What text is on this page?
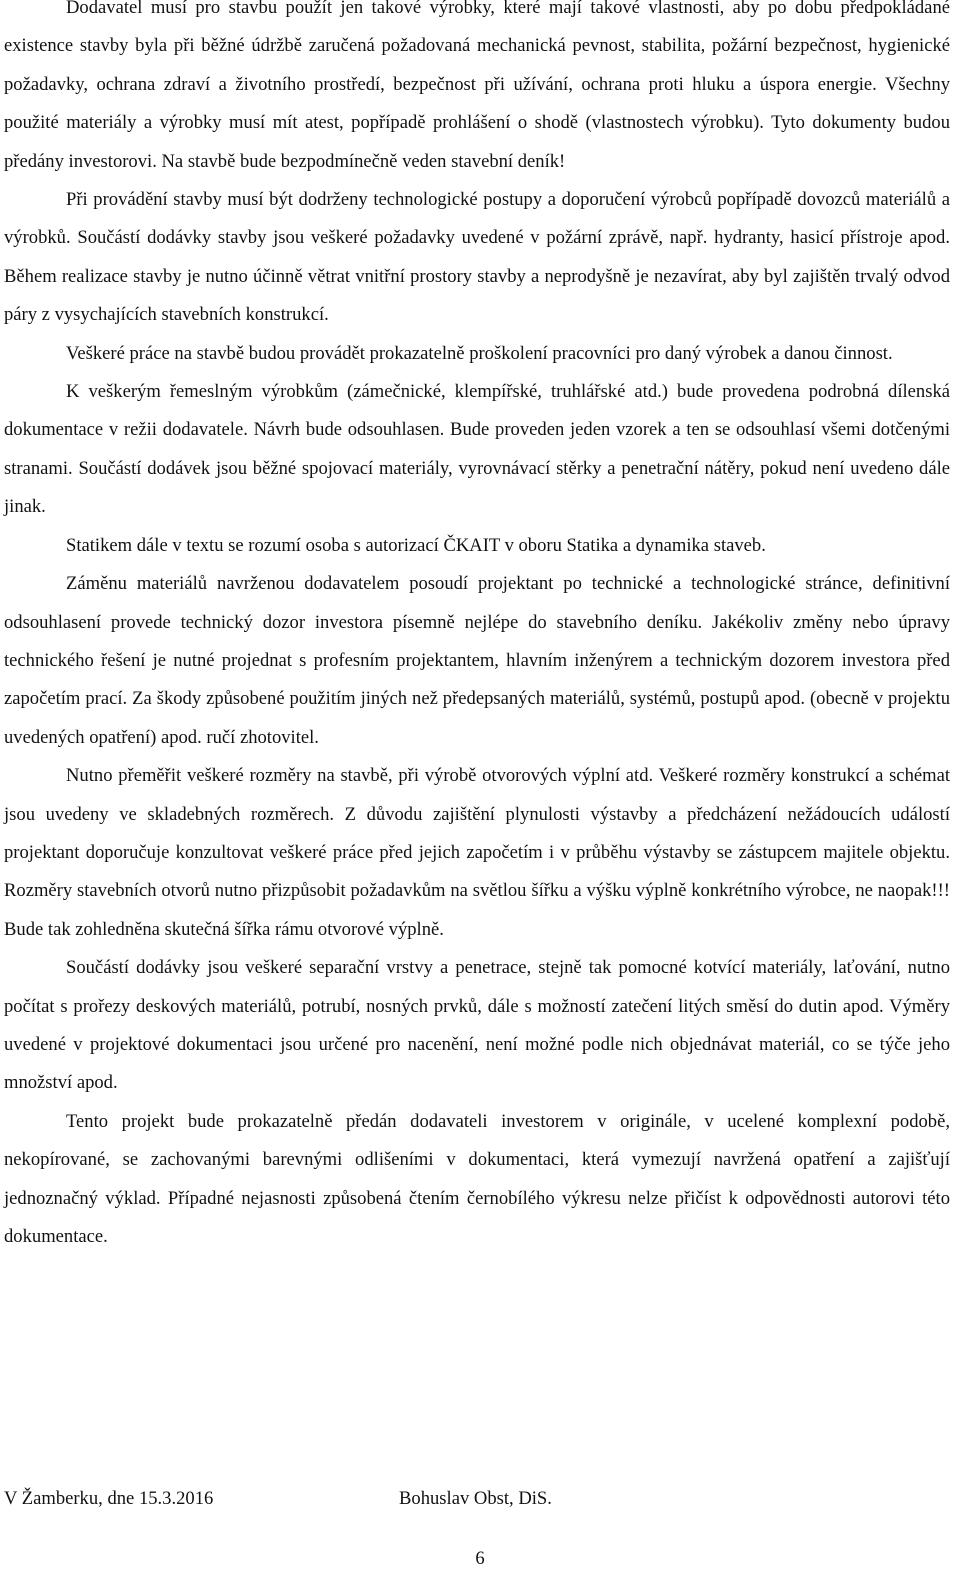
Dodavatel musí pro stavbu použít jen takové výrobky, které mají takové vlastnosti, aby po dobu předpokládané existence stavby byla při běžné údržbě zaručená požadovaná mechanická pevnost, stabilita, požární bezpečnost, hygienické požadavky, ochrana zdraví a životního prostředí, bezpečnost při užívání, ochrana proti hluku a úspora energie. Všechny použité materiály a výrobky musí mít atest, popřípadě prohlášení o shodě (vlastnostech výrobku). Tyto dokumenty budou předány investorovi. Na stavbě bude bezpodmínečně veden stavební deník!

Při provádění stavby musí být dodrženy technologické postupy a doporučení výrobců popřípadě dovozců materiálů a výrobků. Součástí dodávky stavby jsou veškeré požadavky uvedené v požární zprávě, např. hydranty, hasicí přístroje apod. Během realizace stavby je nutno účinně větrat vnitřní prostory stavby a neprodyšně je nezavírat, aby byl zajištěn trvalý odvod páry z vysychajících stavebních konstrukcí.

Veškeré práce na stavbě budou provádět prokazatelně proškolení pracovníci pro daný výrobek a danou činnost.

K veškerým řemeslným výrobkům (zámečnické, klempířské, truhlářské atd.) bude provedena podrobná dílenská dokumentace v režii dodavatele. Návrh bude odsouhlasen. Bude proveden jeden vzorek a ten se odsouhlasí všemi dotčenými stranami. Součástí dodávek jsou běžné spojovací materiály, vyrovnávací stěrky a penetrační nátěry, pokud není uvedeno dále jinak.

Statikem dále v textu se rozumí osoba s autorizací ČKAIT v oboru Statika a dynamika staveb.

Záměnu materiálů navrženou dodavatelem posoudí projektant po technické a technologické stránce, definitivní odsouhlasení provede technický dozor investora písemně nejlépe do stavebního deníku. Jakékoliv změny nebo úpravy technického řešení je nutné projednat s profesním projektantem, hlavním inženýrem a technickým dozorem investora před započetím prací. Za škody způsobené použitím jiných než předepsaných materiálů, systémů, postupů apod. (obecně v projektu uvedených opatření) apod. ručí zhotovitel.

Nutno přeměřit veškeré rozměry na stavbě, při výrobě otvorových výplní atd. Veškeré rozměry konstrukcí a schémat jsou uvedeny ve skladebných rozměrech. Z důvodu zajištění plynulosti výstavby a předcházení nežádoucích událostí projektant doporučuje konzultovat veškeré práce před jejich započetím i v průběhu výstavby se zástupcem majitele objektu. Rozměry stavebních otvorů nutno přizpůsobit požadavkům na světlou šířku a výšku výplně konkrétního výrobce, ne naopak!!! Bude tak zohledněna skutečná šířka rámu otvorové výplně.

Součástí dodávky jsou veškeré separační vrstvy a penetrace, stejně tak pomocné kotvící materiály, laťování, nutno počítat s prořezy deskových materiálů, potrubí, nosných prvků, dále s možností zatečení litých směsí do dutin apod. Výměry uvedené v projektové dokumentaci jsou určené pro nacenění, není možné podle nich objednávat materiál, co se týče jeho množství apod.

Tento projekt bude prokazatelně předán dodavateli investorem v originále, v ucelené komplexní podobě, nekopírované, se zachovanými barevnými odlišeními v dokumentaci, která vymezují navržená opatření a zajišťují jednoznačný výklad. Případné nejasnosti způsobená čtením černobílého výkresu nelze přičíst k odpovědnosti autorovi této dokumentace.

V Žamberku, dne 15.3.2016	Bohuslav Obst, DiS.
6
